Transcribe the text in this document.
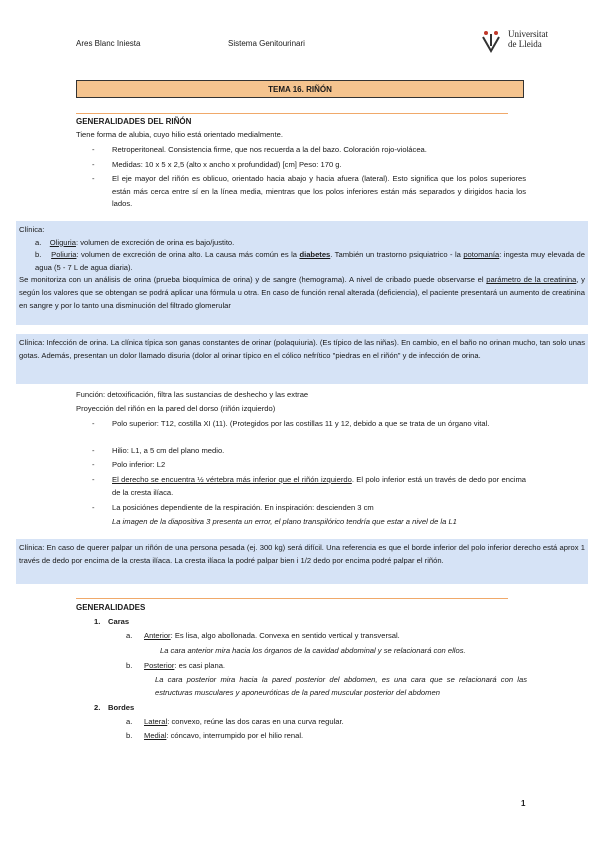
Ares Blanc Iniesta	Sistema Genitourinari
Universitat
de Lleida
TEMA 16. RIÑÓN
GENERALIDADES DEL RIÑÓN
Tiene forma de alubia, cuyo hilio está orientado medialmente.
- Retroperitoneal. Consistencia firme, que nos recuerda a la del bazo. Coloración rojo-violácea.
- Medidas: 10 x 5 x 2,5 (alto x ancho x profundidad) [cm] Peso: 170 g.
- El eje mayor del riñón es oblicuo, orientado hacia abajo y hacia afuera (lateral). Esto significa que los polos superiores están más cerca entre sí en la línea media, mientras que los polos inferiores están más separados y dirigidos hacia los lados.

Clínica:

a. Oliguria: volumen de excreción de orina es bajo/justito.

b. Poliuria: volumen de excreción de orina alto. La causa más común es la diabetes. También un trastorno psiquiatrico - la potomanía: ingesta muy elevada de agua (5 - 7 L de agua diaria).

Se monitoriza con un análisis de orina (prueba bioquímica de orina) y de sangre (hemograma). A nivel de cribado puede observarse el parámetro de la creatinina, y según los valores que se obtengan se podrá aplicar una fórmula u otra. En caso de función renal alterada (deficiencia), el paciente presentará un aumento de creatinina en sangre y por lo tanto una disminución del filtrado glomerular

Clínica: Infección de orina. La clínica típica son ganas constantes de orinar (polaquiuria). (Es típico de las niñas). En cambio, en el baño no orinan mucho, tan solo unas gotas. Además, presentan un dolor llamado disuria (dolor al orinar típico en el cólico nefrítico "piedras en el riñón" y de infección de orina.

Función: detoxificación, filtra las sustancias de deshecho y las extrae
Proyección del riñón en la pared del dorso (riñón izquierdo)
- Polo superior: T12, costilla XI (11). (Protegidos por las costillas 11 y 12, debido a que se trata de un órgano vital.
- Hilio: L1, a 5 cm del plano medio.
- Polo inferior: L2
- El derecho se encuentra ½ vértebra más inferior que el riñón izquierdo. El polo inferior está un través de dedo por encima de la cresta ilíaca.
- La posiciónes dependiente de la respiración. En inspiración: descienden 3 cm
La imagen de la diapositiva 3 presenta un error, el plano transpilórico tendría que estar a nivel de la L1

Clínica: En caso de querer palpar un riñón de una persona pesada (ej. 300 kg) será difícil. Una referencia es que el borde inferior del polo inferior derecho está aprox 1 través de dedo por encima de la cresta ilíaca. La cresta ilíaca la podré palpar bien i 1/2 dedo por encima podré palpar el riñón.

GENERALIDADES
1. Caras
a. Anterior: Es lisa, algo abollonada. Convexa en sentido vertical y transversal.
La cara anterior mira hacia los órganos de la cavidad abdominal y se relacionará con ellos.
b. Posterior: es casi plana.
La cara posterior mira hacia la pared posterior del abdomen, es una cara que se relacionará con las estructuras musculares y aponeuróticas de la pared muscular posterior del abdomen
2. Bordes
a. Lateral: convexo, reúne las dos caras en una curva regular.
b. Medial: cóncavo, interrumpido por el hilio renal.
1
